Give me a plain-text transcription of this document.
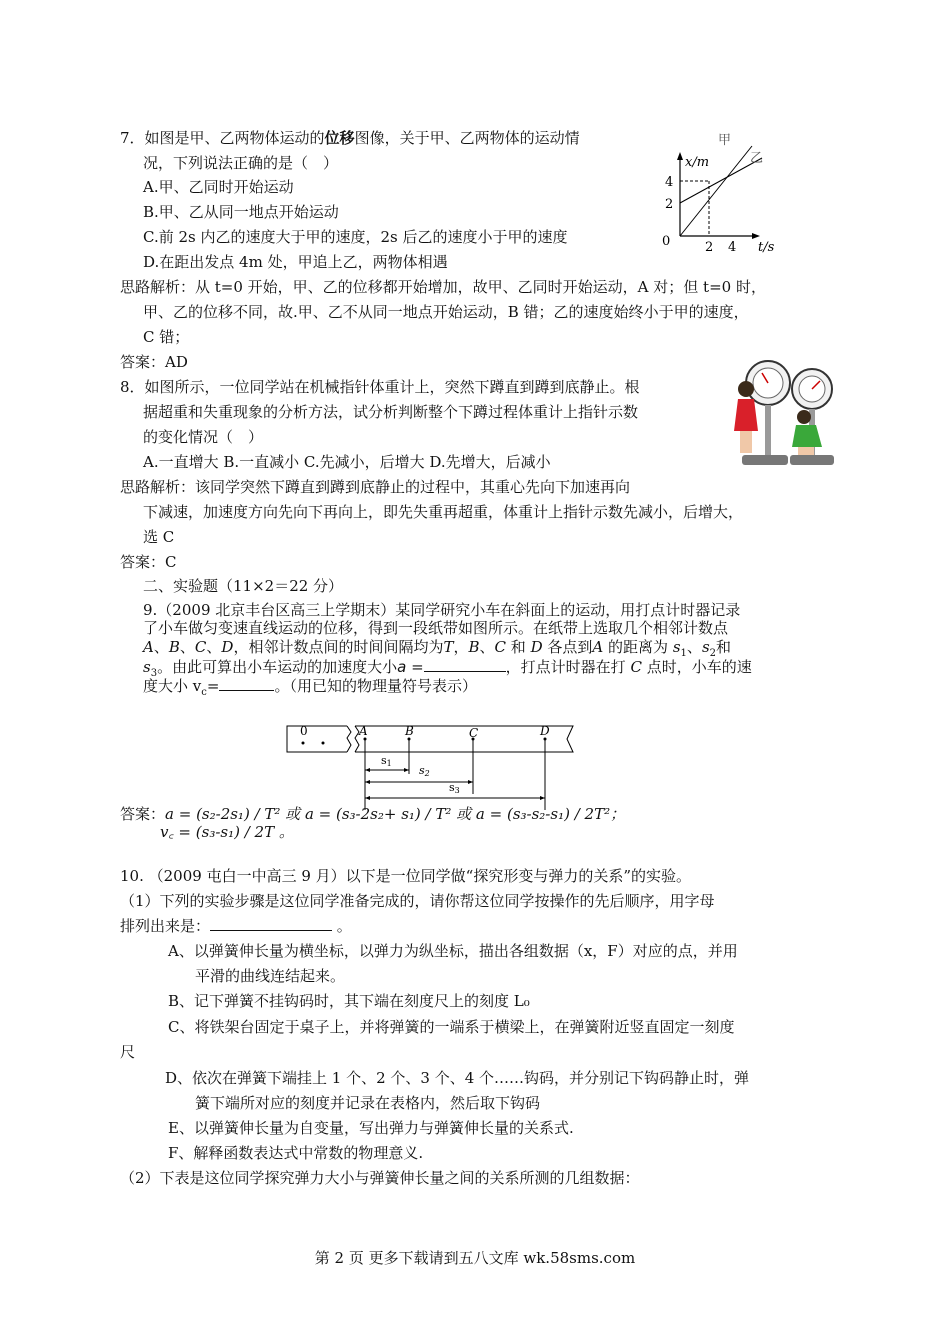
7．如图是甲、乙两物体运动的位移图像，关于甲、乙两物体的运动情
况，下列说法正确的是（　）
A.甲、乙同时开始运动
B.甲、乙从同一地点开始运动
C.前 2s 内乙的速度大于甲的速度，2s 后乙的速度小于甲的速度
D.在距出发点 4m 处，甲追上乙，两物体相遇
甲
乙
x/m
t/s
4
2
0	2 4
思路解析：从 t=0 开始，甲、乙的位移都开始增加，故甲、乙同时开始运动，A 对；但 t=0 时，
甲、乙的位移不同，故.甲、乙不从同一地点开始运动，B 错；乙的速度始终小于甲的速度，
C 错；
答案：AD
8．如图所示，一位同学站在机械指针体重计上，突然下蹲直到蹲到底静止。根
据超重和失重现象的分析方法，试分析判断整个下蹲过程体重计上指针示数
的变化情况（　）
A.一直增大 B.一直减小 C.先减小，后增大 D.先增大，后减小
思路解析：该同学突然下蹲直到蹲到底静止的过程中，其重心先向下加速再向
下减速，加速度方向先向下再向上，即先失重再超重，体重计上指针示数先减小，后增大，
选 C
答案：C
二、实验题（11×2＝22 分）
9.（2009 北京丰台区高三上学期末）某同学研究小车在斜面上的运动，用打点计时器记录
了小车做匀变速直线运动的位移，得到一段纸带如图所示。在纸带上选取几个相邻计数点
A、B、C、D，相邻计数点间的时间间隔均为T，B、C 和 D 各点到A 的距离为 $s_1$、$s_2$和
$s_3$。由此可算出小车运动的加速度大小a =	，打点计时器在打 C 点时，小车的速
度大小 $v_c=$	。（用已知的物理量符号表示）
0	A	B	C	D
s1
s2
s3
答案：a = (s₂-2s₁) / T² 或 a = (s₃-2s₂+ s₁) / T² 或 a = (s₃-s₂-s₁) / 2T²；
v꜀ = (s₃-s₁) / 2T 。
10. （2009 屯白一中高三 9 月）以下是一位同学做“探究形变与弹力的关系”的实验。
（1）下列的实验步骤是这位同学准备完成的，请你帮这位同学按操作的先后顺序，用字母
排列出来是：	。
A、以弹簧伸长量为横坐标，以弹力为纵坐标，描出各组数据（x，F）对应的点，并用
平滑的曲线连结起来。
B、记下弹簧不挂钩码时，其下端在刻度尺上的刻度 L₀
C、将铁架台固定于桌子上，并将弹簧的一端系于横梁上，在弹簧附近竖直固定一刻度
尺
D、依次在弹簧下端挂上 1 个、2 个、3 个、4 个……钩码，并分别记下钩码静止时，弹
簧下端所对应的刻度并记录在表格内，然后取下钩码
E、以弹簧伸长量为自变量，写出弹力与弹簧伸长量的关系式.
F、解释函数表达式中常数的物理意义.
（2）下表是这位同学探究弹力大小与弹簧伸长量之间的关系所测的几组数据：
第 2 页 更多下载请到五八文库 wk.58sms.com
